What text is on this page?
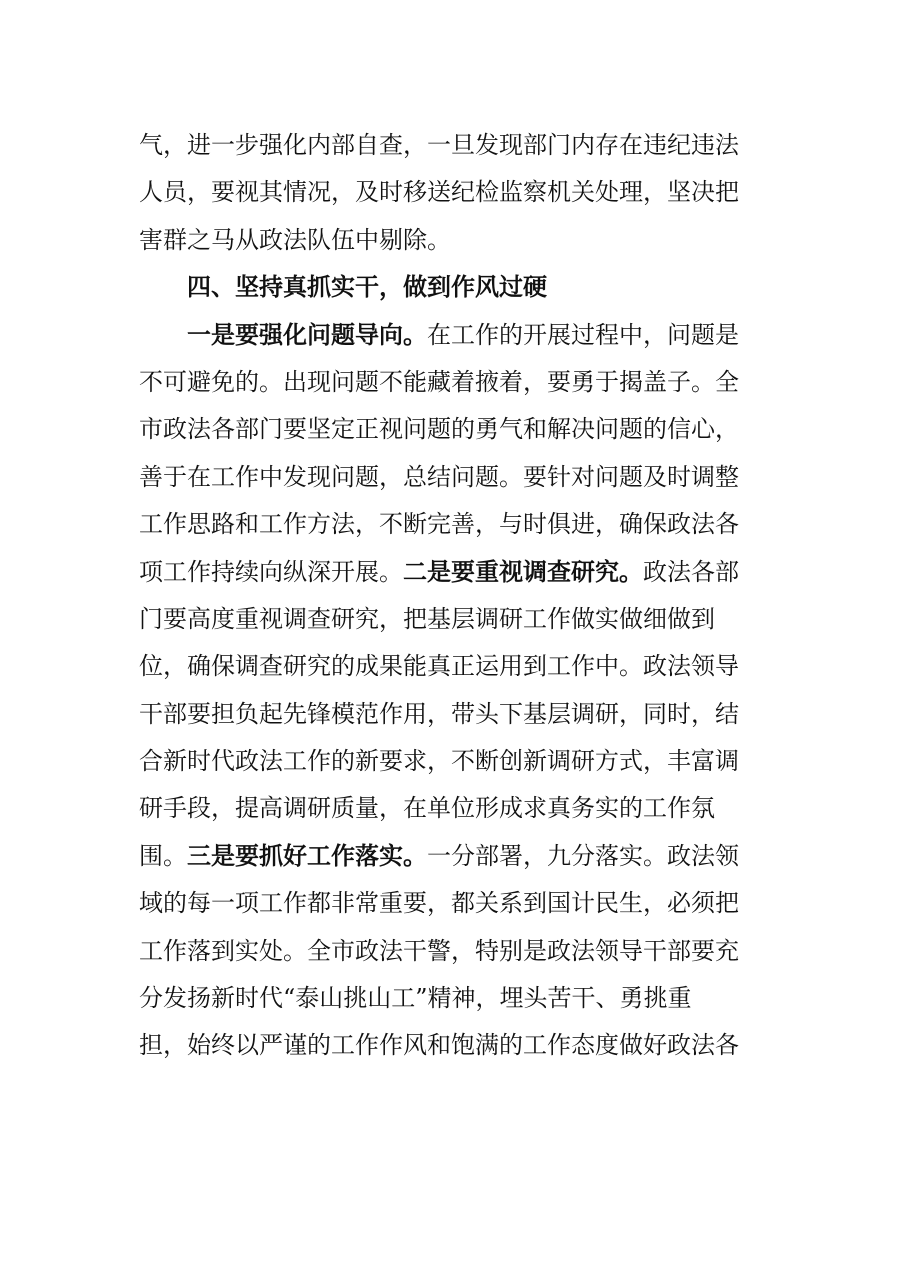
气，进一步强化内部自查，一旦发现部门内存在违纪违法
人员，要视其情况，及时移送纪检监察机关处理，坚决把
害群之马从政法队伍中剔除。
四、坚持真抓实干，做到作风过硬
一是要强化问题导向。在工作的开展过程中，问题是
不可避免的。出现问题不能藏着掖着，要勇于揭盖子。全
市政法各部门要坚定正视问题的勇气和解决问题的信心，
善于在工作中发现问题，总结问题。要针对问题及时调整
工作思路和工作方法，不断完善，与时俱进，确保政法各
项工作持续向纵深开展。二是要重视调查研究。政法各部
门要高度重视调查研究，把基层调研工作做实做细做到
位，确保调查研究的成果能真正运用到工作中。政法领导
干部要担负起先锋模范作用，带头下基层调研，同时，结
合新时代政法工作的新要求，不断创新调研方式，丰富调
研手段，提高调研质量，在单位形成求真务实的工作氛
围。三是要抓好工作落实。一分部署，九分落实。政法领
域的每一项工作都非常重要，都关系到国计民生，必须把
工作落到实处。全市政法干警，特别是政法领导干部要充
分发扬新时代“泰山挑山工”精神，埋头苦干、勇挑重
担，始终以严谨的工作作风和饱满的工作态度做好政法各
